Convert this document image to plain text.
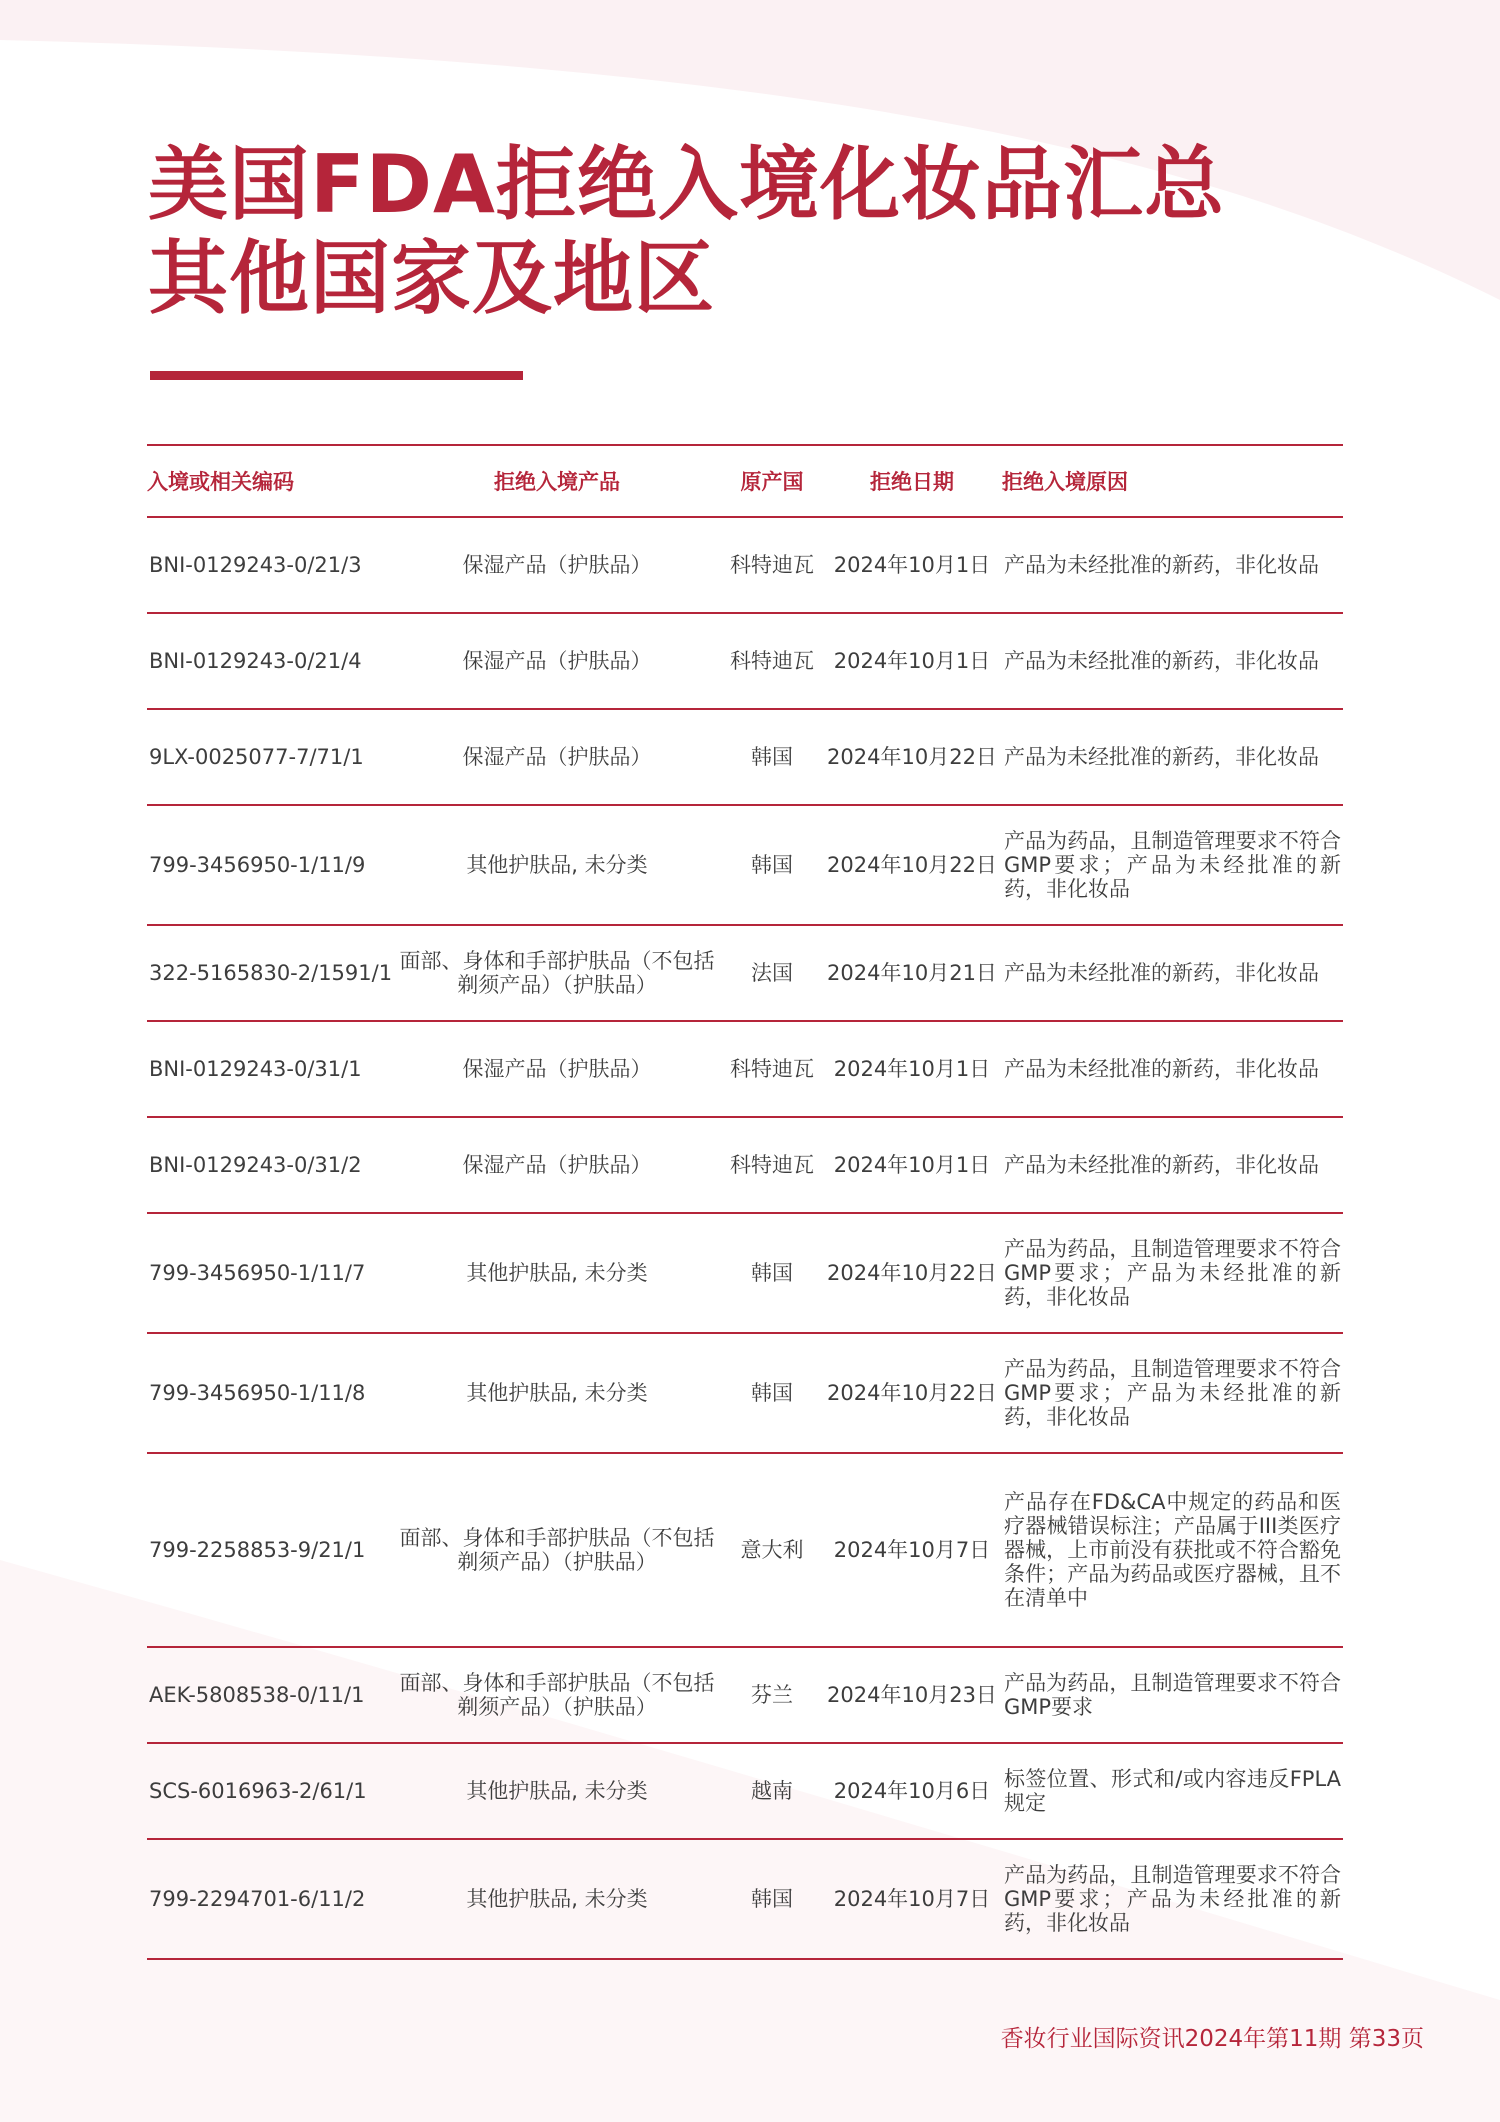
美国FDA拒绝入境化妆品汇总
其他国家及地区
入境或相关编码	拒绝入境产品	原产国	拒绝日期	拒绝入境原因
BNI-0129243-0/21/3	保湿产品（护肤品）	科特迪瓦	2024年10月1日	产品为未经批准的新药，非化妆品
BNI-0129243-0/21/4	保湿产品（护肤品）	科特迪瓦	2024年10月1日	产品为未经批准的新药，非化妆品
9LX-0025077-7/71/1	保湿产品（护肤品）	韩国	2024年10月22日	产品为未经批准的新药，非化妆品
799-3456950-1/11/9	其他护肤品, 未分类	韩国	2024年10月22日	产品为药品，且制造管理要求不符合GMP要求；产品为未经批准的新药，非化妆品
322-5165830-2/1591/1	面部、身体和手部护肤品（不包括剃须产品）（护肤品）	法国	2024年10月21日	产品为未经批准的新药，非化妆品
BNI-0129243-0/31/1	保湿产品（护肤品）	科特迪瓦	2024年10月1日	产品为未经批准的新药，非化妆品
BNI-0129243-0/31/2	保湿产品（护肤品）	科特迪瓦	2024年10月1日	产品为未经批准的新药，非化妆品
799-3456950-1/11/7	其他护肤品, 未分类	韩国	2024年10月22日	产品为药品，且制造管理要求不符合GMP要求；产品为未经批准的新药，非化妆品
799-3456950-1/11/8	其他护肤品, 未分类	韩国	2024年10月22日	产品为药品，且制造管理要求不符合GMP要求；产品为未经批准的新药，非化妆品
799-2258853-9/21/1	面部、身体和手部护肤品（不包括剃须产品）（护肤品）	意大利	2024年10月7日	产品存在FD&CA中规定的药品和医疗器械错误标注；产品属于III类医疗器械，上市前没有获批或不符合豁免条件；产品为药品或医疗器械，且不在清单中
AEK-5808538-0/11/1	面部、身体和手部护肤品（不包括剃须产品）（护肤品）	芬兰	2024年10月23日	产品为药品，且制造管理要求不符合GMP要求
SCS-6016963-2/61/1	其他护肤品, 未分类	越南	2024年10月6日	标签位置、形式和/或内容违反FPLA规定
799-2294701-6/11/2	其他护肤品, 未分类	韩国	2024年10月7日	产品为药品，且制造管理要求不符合GMP要求；产品为未经批准的新药，非化妆品
香妆行业国际资讯2024年第11期 第33页
